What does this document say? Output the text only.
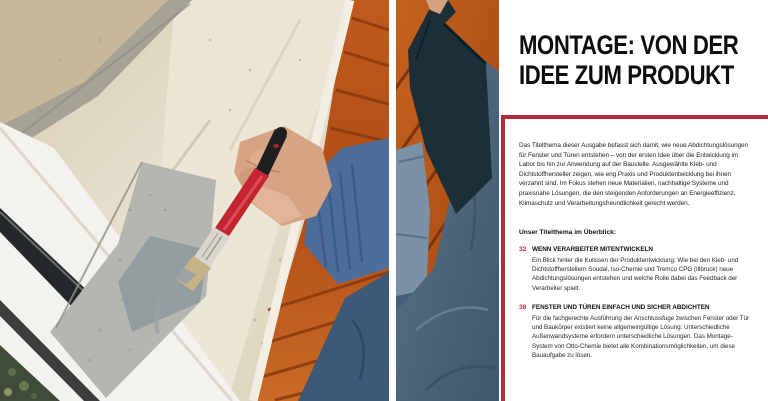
MONTAGE: VON DER
IDEE ZUM PRODUKT

Das Titelthema dieser Ausgabe befasst sich damit, wie neue Abdichtungslösungen für Fenster und Türen entstehen – von der ersten Idee über die Entwicklung im Labor bis hin zur Anwendung auf der Baustelle. Ausgewählte Kleb- und Dichtstoffhersteller zeigen, wie eng Praxis und Produktentwicklung bei ihnen verzahnt sind. Im Fokus stehen neue Materialien, nachhaltige Systeme und praxisnahe Lösungen, die den steigenden Anforderungen an Energieeffizienz, Klimaschutz und Verarbeitungsfreundlichkeit gerecht werden.

Unser Titelthema im Überblick:

32 WENN VERARBEITER MITENTWICKELN
Ein Blick hinter die Kulissen der Produktentwicklung: Wie bei den Kleb- und Dichtstoffherstellern Soudal, Iso-Chemie und Tremco CPG (Illbruck) neue Abdichtungslösungen entstehen und welche Rolle dabei das Feedback der Verarbeiter spielt.
38 FENSTER UND TÜREN EINFACH UND SICHER ABDICHTEN
Für die fachgerechte Ausführung der Anschlussfuge zwischen Fenster oder Tür und Baukörper existiert keine allgemeingültige Lösung: Unterschiedliche Außenwandsysteme erfordern unterschiedliche Lösungen. Das Montage-System von Otto-Chemie bietet alle Kombinationsmöglichkeiten, um diese Bauaufgabe zu lösen.
